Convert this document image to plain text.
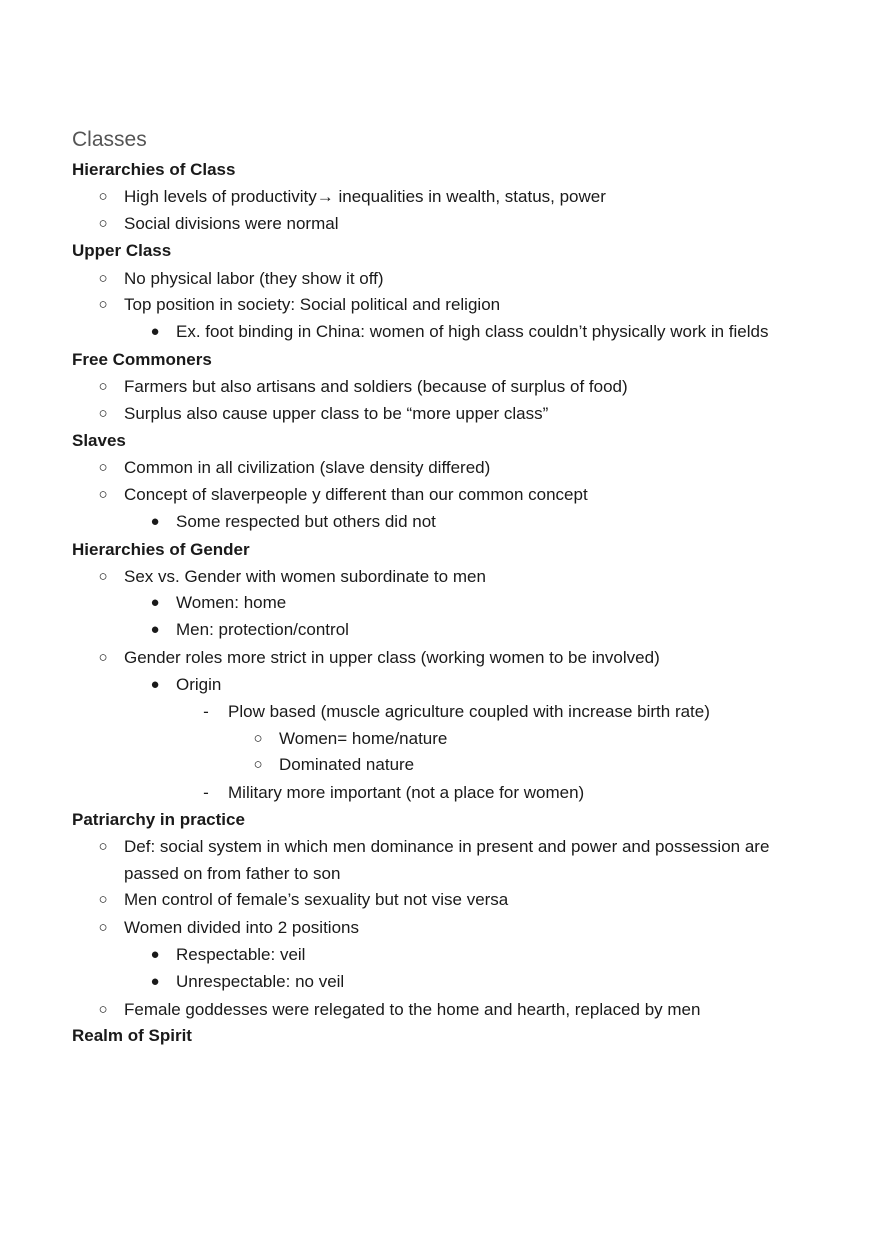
Classes
Hierarchies of Class
○ High levels of productivity→ inequalities in wealth, status, power
○ Social divisions were normal
Upper Class
○ No physical labor (they show it off)
○ Top position in society: Social political and religion
● Ex. foot binding in China: women of high class couldn’t physically work in fields
Free Commoners
○ Farmers but also artisans and soldiers (because of surplus of food)
○ Surplus also cause upper class to be “more upper class”
Slaves
○ Common in all civilization (slave density differed)
○ Concept of slaverpeople y different than our common concept
● Some respected but others did not
Hierarchies of Gender
○ Sex vs. Gender with women subordinate to men
● Women: home
● Men: protection/control
○ Gender roles more strict in upper class (working women to be involved)
● Origin
-	Plow based (muscle agriculture coupled with increase birth rate)
○ Women= home/nature
○ Dominated nature
-	Military more important (not a place for women)
Patriarchy in practice
○ Def: social system in which men dominance in present and power and possession are
passed on from father to son
○ Men control of female’s sexuality but not vise versa
○ Women divided into 2 positions
● Respectable: veil
● Unrespectable: no veil
○ Female goddesses were relegated to the home and hearth, replaced by men
Realm of Spirit
